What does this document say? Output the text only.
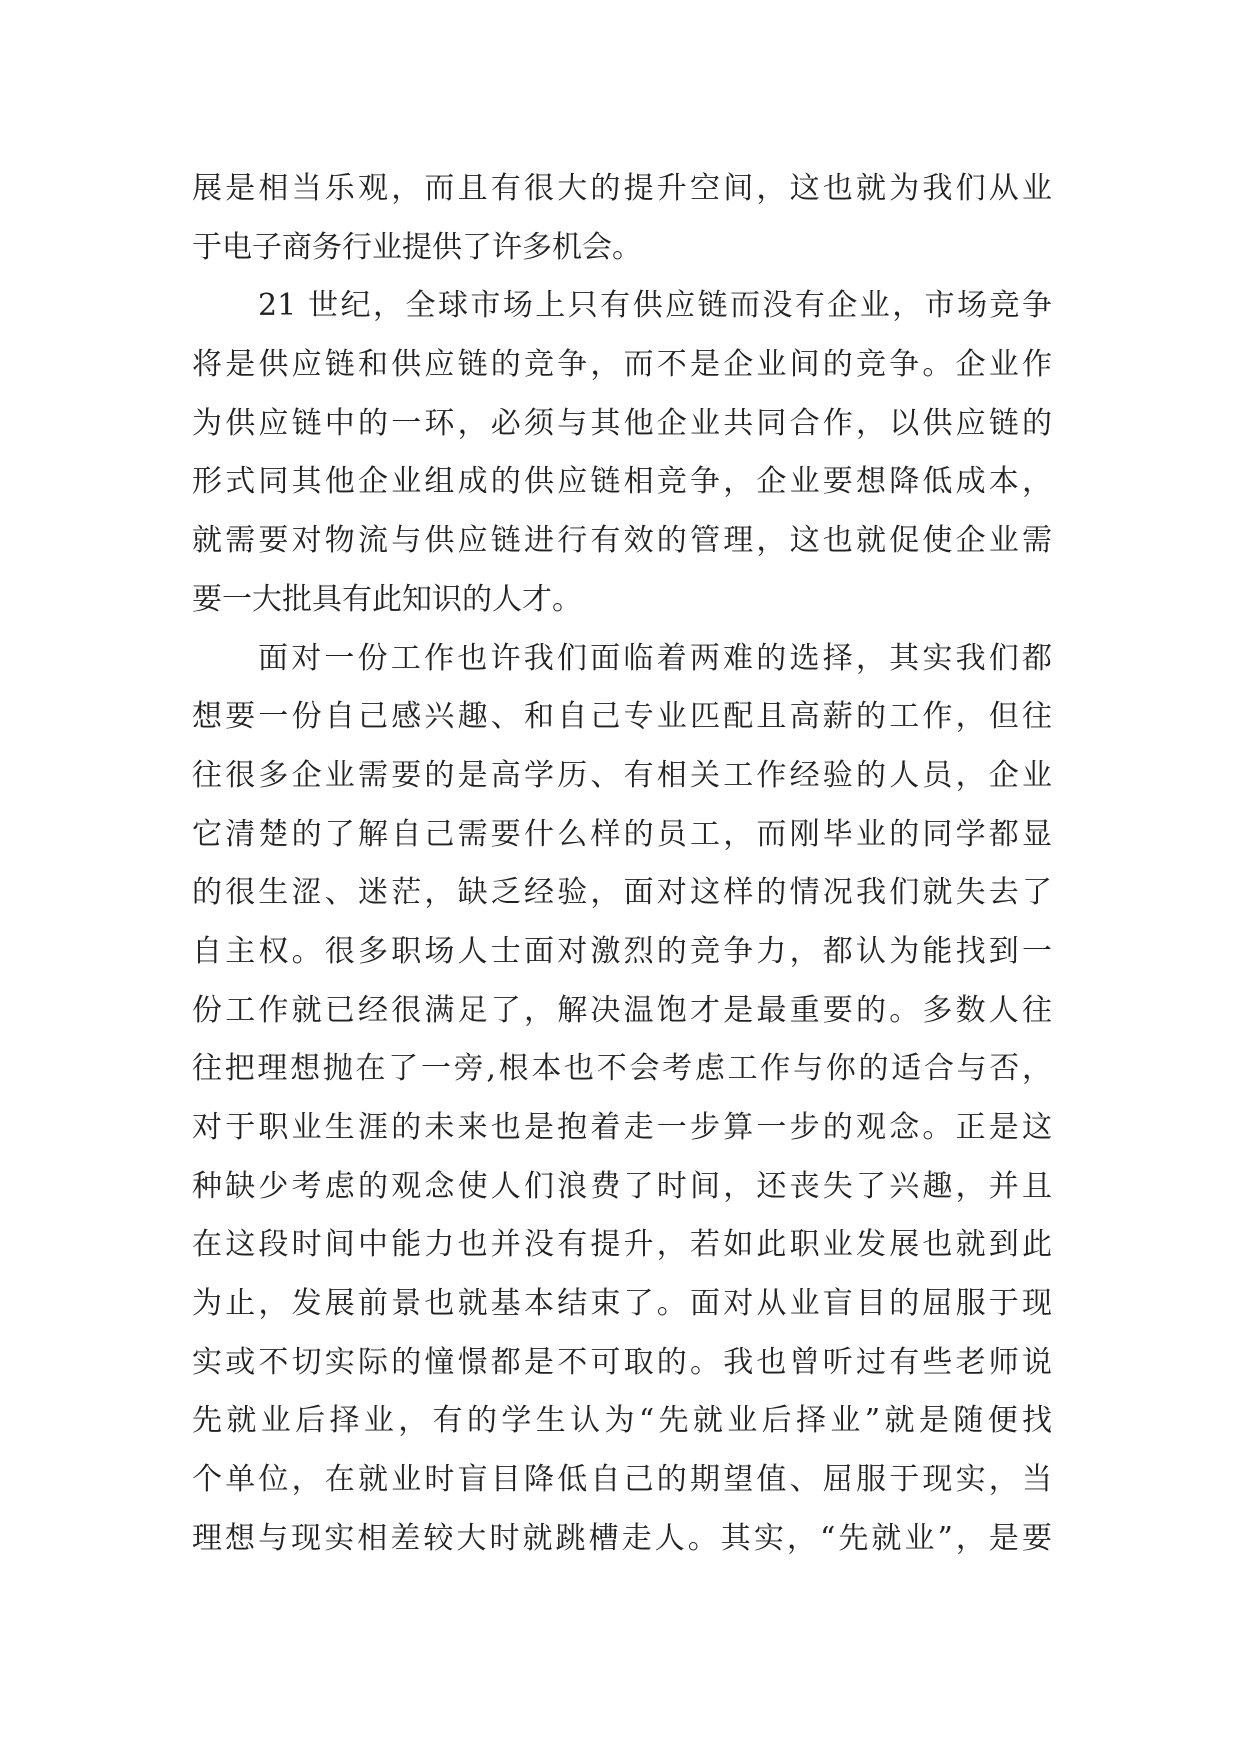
展是相当乐观，而且有很大的提升空间，这也就为我们从业
于电子商务行业提供了许多机会。
21 世纪，全球市场上只有供应链而没有企业，市场竞争
将是供应链和供应链的竞争，而不是企业间的竞争。企业作
为供应链中的一环，必须与其他企业共同合作，以供应链的
形式同其他企业组成的供应链相竞争，企业要想降低成本，
就需要对物流与供应链进行有效的管理，这也就促使企业需
要一大批具有此知识的人才。
面对一份工作也许我们面临着两难的选择，其实我们都
想要一份自己感兴趣、和自己专业匹配且高薪的工作，但往
往很多企业需要的是高学历、有相关工作经验的人员，企业
它清楚的了解自己需要什么样的员工，而刚毕业的同学都显
的很生涩、迷茫，缺乏经验，面对这样的情况我们就失去了
自主权。很多职场人士面对激烈的竞争力，都认为能找到一
份工作就已经很满足了，解决温饱才是最重要的。多数人往
往把理想抛在了一旁,根本也不会考虑工作与你的适合与否，
对于职业生涯的未来也是抱着走一步算一步的观念。正是这
种缺少考虑的观念使人们浪费了时间，还丧失了兴趣，并且
在这段时间中能力也并没有提升，若如此职业发展也就到此
为止，发展前景也就基本结束了。面对从业盲目的屈服于现
实或不切实际的憧憬都是不可取的。我也曾听过有些老师说
先就业后择业，有的学生认为“先就业后择业”就是随便找
个单位，在就业时盲目降低自己的期望值、屈服于现实，当
理想与现实相差较大时就跳槽走人。其实，“先就业”，是要
